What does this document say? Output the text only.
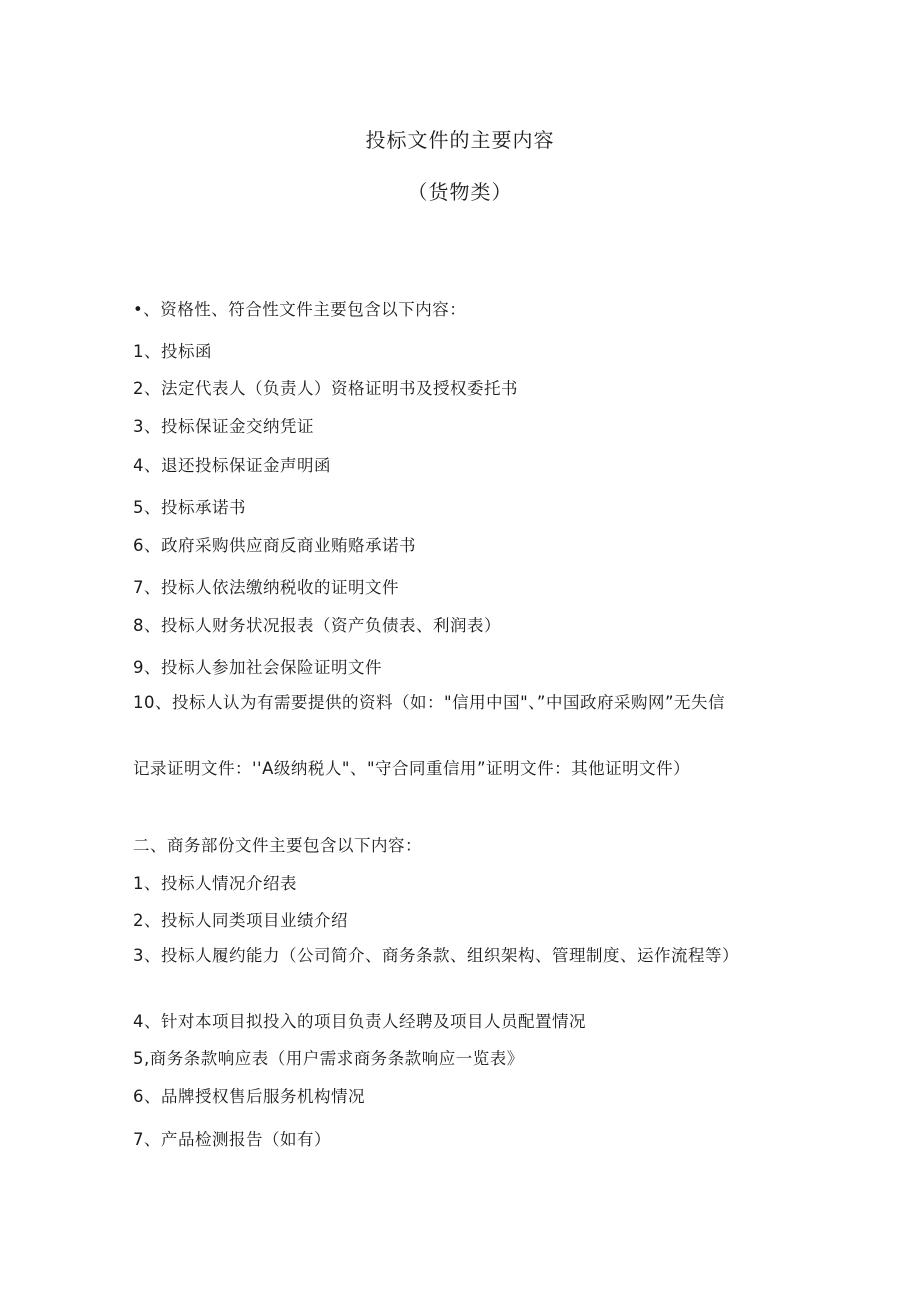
投标文件的主要内容
（货物类）
•、资格性、符合性文件主要包含以下内容：
1、投标函
2、法定代表人（负责人）资格证明书及授权委托书
3、投标保证金交纳凭证
4、退还投标保证金声明函
5、投标承诺书
6、政府采购供应商反商业贿赂承诺书
7、投标人依法缴纳税收的证明文件
8、投标人财务状况报表（资产负债表、利润表）
9、投标人参加社会保险证明文件
10、投标人认为有需要提供的资料（如："信用中国"、”中国政府采购网”无失信
记录证明文件：''A级纳税人"、"守合同重信用”证明文件：其他证明文件）
二、商务部份文件主要包含以下内容：
1、投标人情况介绍表
2、投标人同类项目业绩介绍
3、投标人履约能力（公司简介、商务条款、组织架构、管理制度、运作流程等）
4、针对本项目拟投入的项目负责人经聘及项目人员配置情况
5,商务条款响应表（用户需求商务条款响应一览表》
6、品牌授权售后服务机构情况
7、产品检测报告（如有）
